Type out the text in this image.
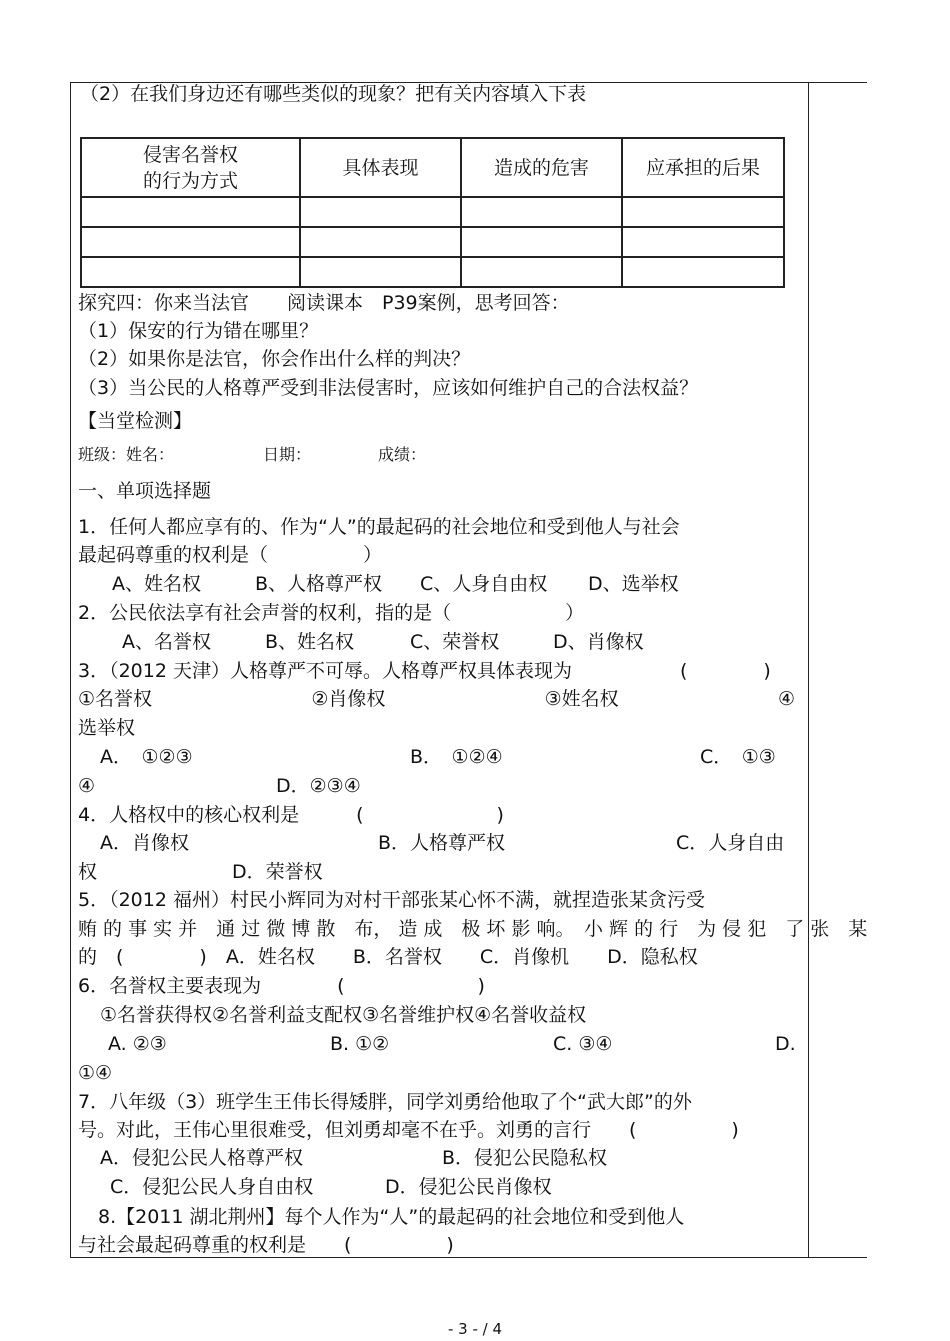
（2）在我们身边还有哪些类似的现象？把有关内容填入下表
侵害名誉权
的行为方式	具体表现	造成的危害	应承担的后果

探究四：你来当法官　　阅读课本　P39案例，思考回答：
（1）保安的行为错在哪里？
（2）如果你是法官，你会作出什么样的判决？
（3）当公民的人格尊严受到非法侵害时，应该如何维护自己的合法权益？
【当堂检测】
班级：姓名：	日期：	成绩：
一、单项选择题
1．任何人都应享有的、作为“人”的最起码的社会地位和受到他人与社会
最起码尊重的权利是（　　　　　）
A、姓名权	B、人格尊严权 C、人身自由权 D、选举权
2．公民依法享有社会声誉的权利，指的是（　　　　　　）
A、名誉权	B、姓名权	C、荣誉权	D、肖像权
3．（2012 天津）人格尊严不可辱。人格尊严权具体表现为	(　　　　)
①名誉权	②肖像权	③姓名权	④
选举权
A．　①②③	B．　①②④	C．　①③
④	D．②③④
4．人格权中的核心权利是　　　(　　　　　　　)
A．肖像权	B．人格尊严权	C．人身自由
权	D．荣誉权
5．（2012 福州）村民小辉同为对村干部张某心怀不满，就捏造张某贪污受
贿 的 事 实 并　通 过 微 博 散　布， 造 成　极 坏 影 响。　小 辉 的 行　为 侵 犯　了 张　某
的　(　　　　)　A．姓名权　　B．名誉权　　C．肖像机　　D．隐私权
6．名誉权主要表现为　　　　(　　　　　　　)
①名誉获得权②名誉利益支配权③名誉维护权④名誉收益权
A. ②③	B. ①②	C. ③④	D.
①④
7．八年级（3）班学生王伟长得矮胖，同学刘勇给他取了个“武大郎”的外
号。对此，王伟心里很难受，但刘勇却毫不在乎。刘勇的言行　　(　　　　　)
A．侵犯公民人格尊严权	B．侵犯公民隐私权
C．侵犯公民人身自由权	D．侵犯公民肖像权
8.【2011 湖北荆州】每个人作为“人”的最起码的社会地位和受到他人
与社会最起码尊重的权利是　　(　　　　　)
- 3 - / 4
